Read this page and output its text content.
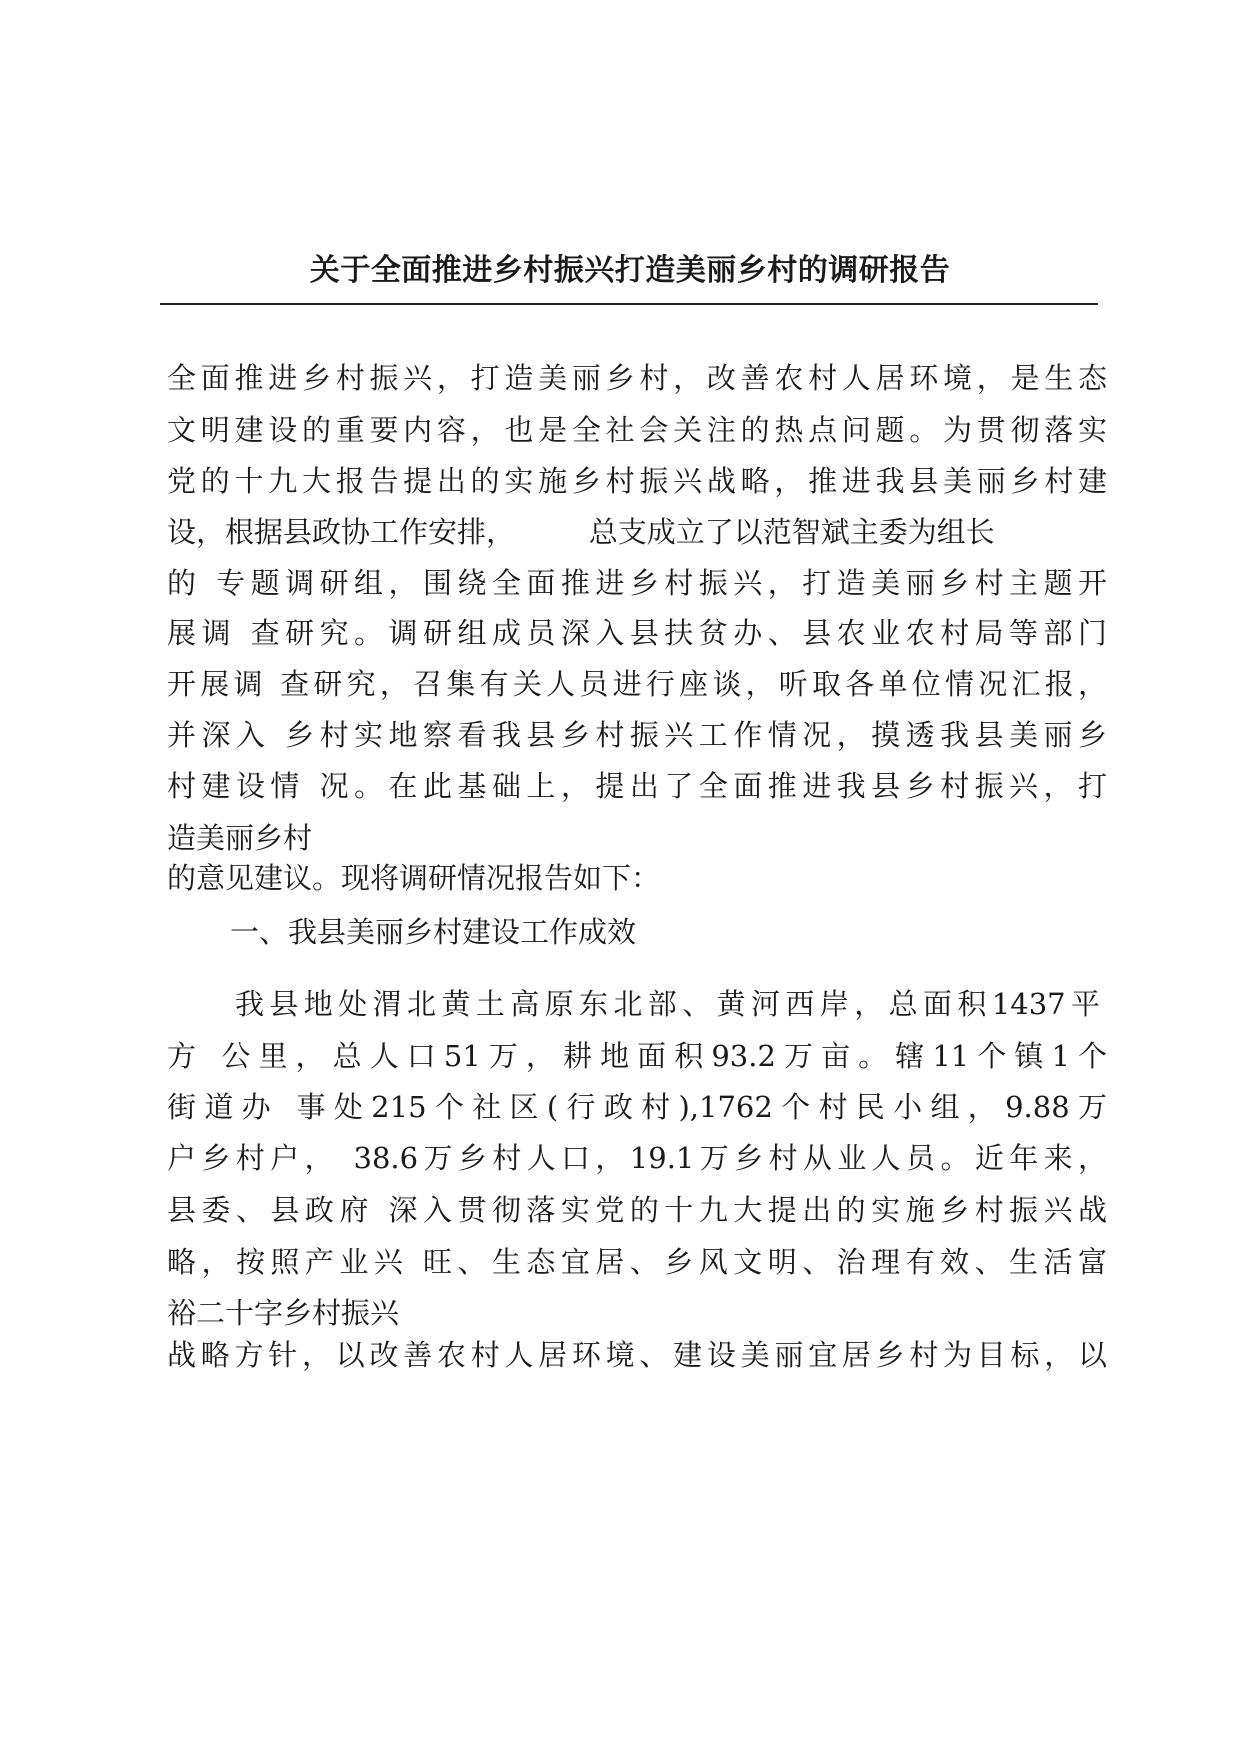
关于全面推进乡村振兴打造美丽乡村的调研报告
全面推进乡村振兴，打造美丽乡村，改善农村人居环境，是生态
文明建设的重要内容，也是全社会关注的热点问题。为贯彻落实
党的十九大报告提出的实施乡村振兴战略，推进我县美丽乡村建
设，根据县政协工作安排，        总支成立了以范智斌主委为组长
的 专题调研组，围绕全面推进乡村振兴，打造美丽乡村主题开
展调 查研究。调研组成员深入县扶贫办、县农业农村局等部门
开展调 查研究，召集有关人员进行座谈，听取各单位情况汇报，
并深入 乡村实地察看我县乡村振兴工作情况，摸透我县美丽乡
村建设情 况。在此基础上，提出了全面推进我县乡村振兴，打
造美丽乡村
的意见建议。现将调研情况报告如下：
一、我县美丽乡村建设工作成效
我县地处渭北黄土高原东北部、黄河西岸，总面积1437平
方 公里，总人口51万，耕地面积93.2万亩。辖11个镇1个
街道办 事处215个社区(行政村),1762个村民小组，9.88万
户乡村户， 38.6万乡村人口，19.1万乡村从业人员。近年来，
县委、县政府 深入贯彻落实党的十九大提出的实施乡村振兴战
略，按照产业兴 旺、生态宜居、乡风文明、治理有效、生活富
裕二十字乡村振兴
战略方针，以改善农村人居环境、建设美丽宜居乡村为目标，以
